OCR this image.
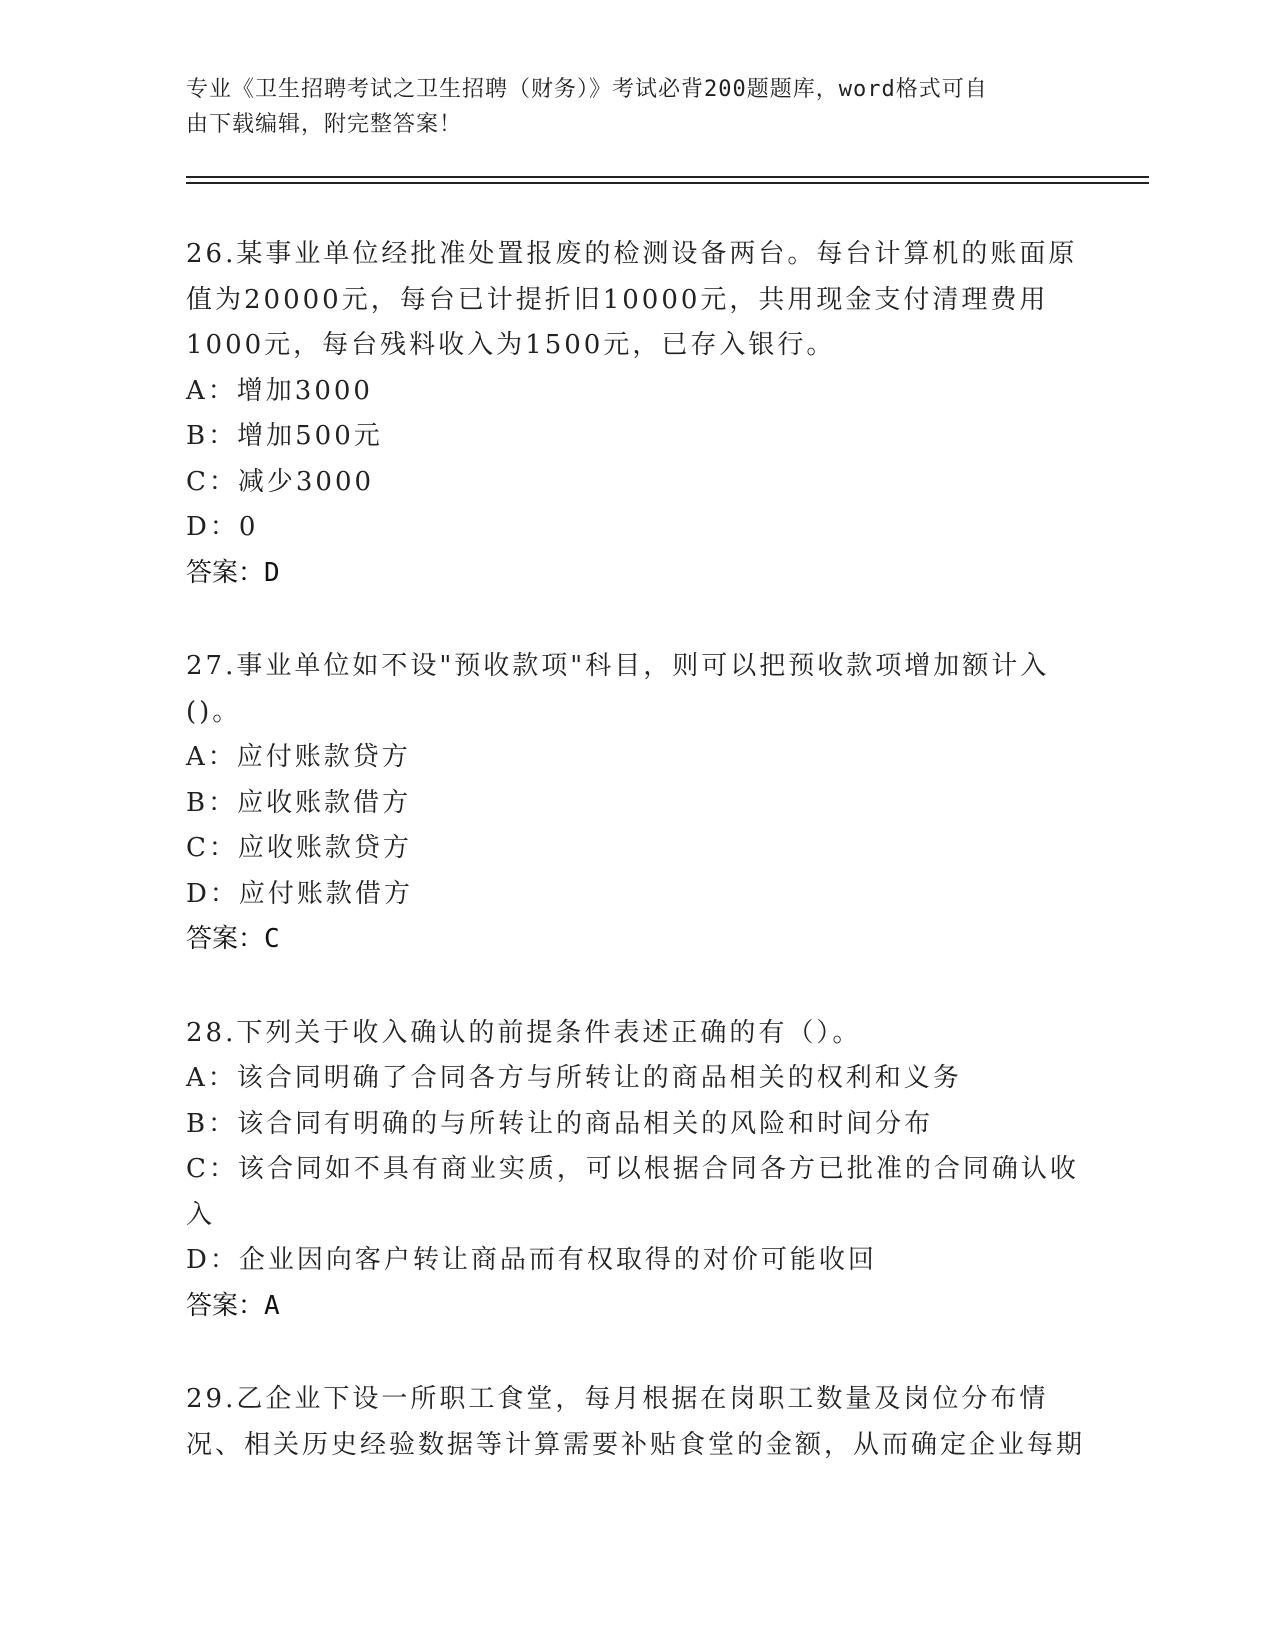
专业《卫生招聘考试之卫生招聘（财务）》考试必背200题题库，word格式可自
由下载编辑，附完整答案！

26.某事业单位经批准处置报废的检测设备两台。每台计算机的账面原值为20000元，每台已计提折旧10000元，共用现金支付清理费用1000元，每台残料收入为1500元，已存入银行。

A：增加3000

B：增加500元

C：减少3000

D：0

答案：D

27.事业单位如不设"预收款项"科目，则可以把预收款项增加额计入()。

A：应付账款贷方

B：应收账款借方

C：应收账款贷方

D：应付账款借方

答案：C

28.下列关于收入确认的前提条件表述正确的有（）。

A：该合同明确了合同各方与所转让的商品相关的权利和义务

B：该合同有明确的与所转让的商品相关的风险和时间分布

C：该合同如不具有商业实质，可以根据合同各方已批准的合同确认收入

D：企业因向客户转让商品而有权取得的对价可能收回

答案：A

29.乙企业下设一所职工食堂，每月根据在岗职工数量及岗位分布情况、相关历史经验数据等计算需要补贴食堂的金额，从而确定企业每期
